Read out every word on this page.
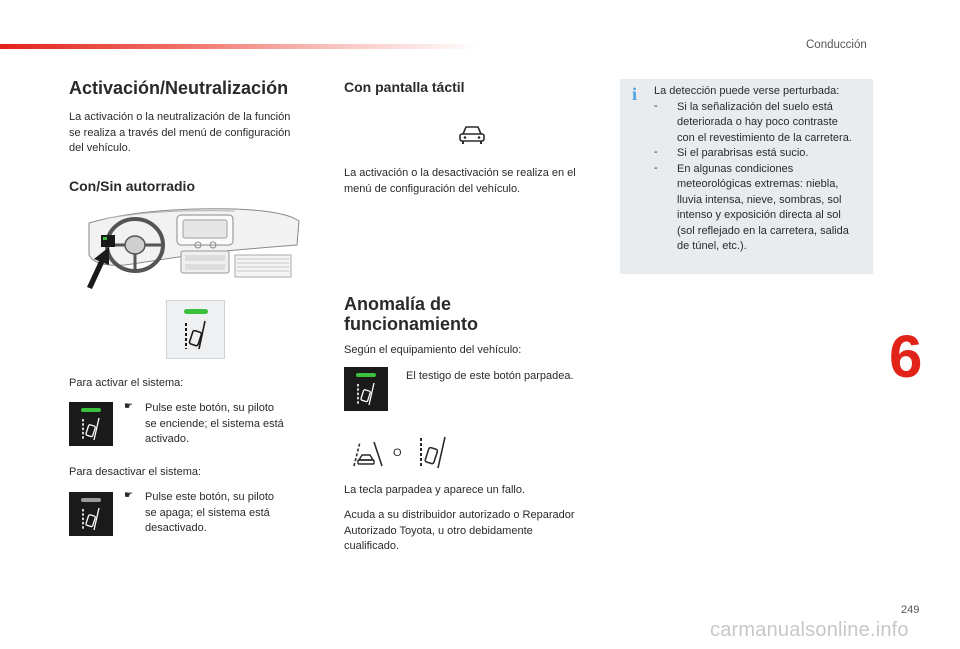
Conducción
Activación/Neutralización
La activación o la neutralización de la función
se realiza a través del menú de configuración
del vehículo.
Con/Sin autorradio
Para activar el sistema:
☛ Pulse este botón, su piloto
se enciende; el sistema está
activado.
Para desactivar el sistema:
☛ Pulse este botón, su piloto
se apaga; el sistema está
desactivado.
Con pantalla táctil
La activación o la desactivación se realiza en el
menú de configuración del vehículo.
Anomalía de
funcionamiento
Según el equipamiento del vehículo:
El testigo de este botón parpadea.
O
La tecla parpadea y aparece un fallo.
Acuda a su distribuidor autorizado o Reparador
Autorizado Toyota, u otro debidamente
cualificado.
i La detección puede verse perturbada:
- Si la señalización del suelo está
deteriorada o hay poco contraste
con el revestimiento de la carretera.
- Si el parabrisas está sucio.
- En algunas condiciones
meteorológicas extremas: niebla,
lluvia intensa, nieve, sombras, sol
intenso y exposición directa al sol
(sol reflejado en la carretera, salida
de túnel, etc.).
6
249
carmanualsonline.info
